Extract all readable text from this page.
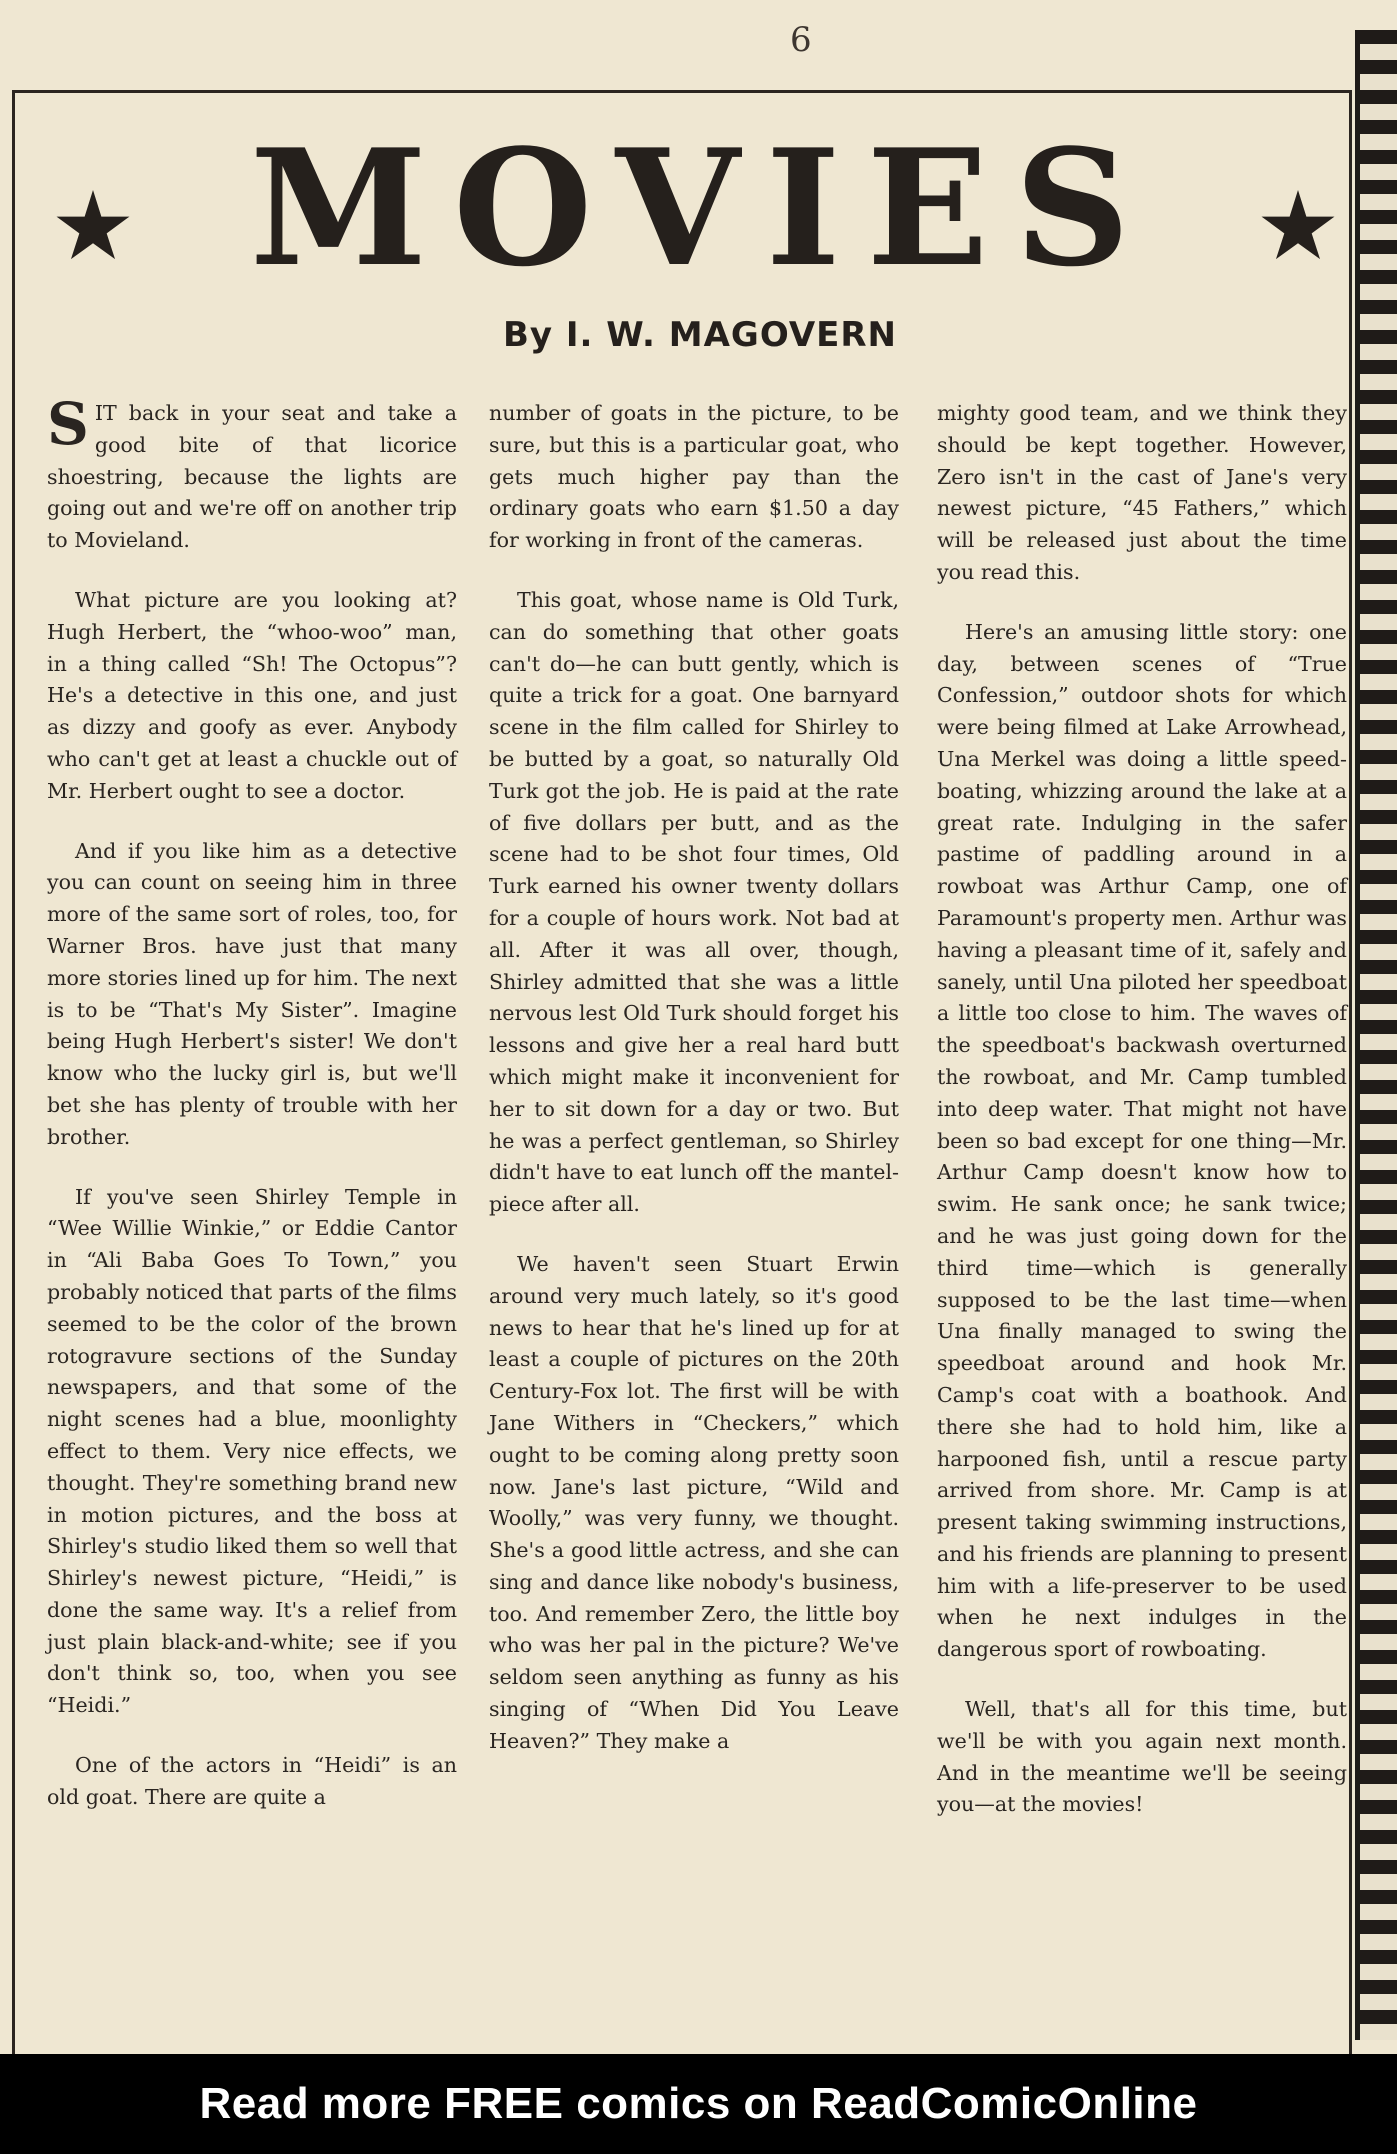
6
MOVIES
By I. W. MAGOVERN

SIT back in your seat and take a good bite of that licorice shoestring, because the lights are going out and we're off on another trip to Movieland.

What picture are you looking at? Hugh Herbert, the “whoo-woo” man, in a thing called “Sh! The Octopus”? He's a detective in this one, and just as dizzy and goofy as ever. Anybody who can't get at least a chuckle out of Mr. Herbert ought to see a doctor.

And if you like him as a detective you can count on seeing him in three more of the same sort of roles, too, for Warner Bros. have just that many more stories lined up for him. The next is to be “That's My Sister”. Imagine being Hugh Herbert's sister! We don't know who the lucky girl is, but we'll bet she has plenty of trouble with her brother.

If you've seen Shirley Temple in “Wee Willie Winkie,” or Eddie Cantor in “Ali Baba Goes To Town,” you probably noticed that parts of the films seemed to be the color of the brown rotogravure sections of the Sunday newspapers, and that some of the night scenes had a blue, moonlighty effect to them. Very nice effects, we thought. They're something brand new in motion pictures, and the boss at Shirley's studio liked them so well that Shirley's newest picture, “Heidi,” is done the same way. It's a relief from just plain black-and-white; see if you don't think so, too, when you see “Heidi.”

One of the actors in “Heidi” is an old goat. There are quite a

number of goats in the picture, to be sure, but this is a particular goat, who gets much higher pay than the ordinary goats who earn $1.50 a day for working in front of the cameras.

This goat, whose name is Old Turk, can do something that other goats can't do—he can butt gently, which is quite a trick for a goat. One barnyard scene in the film called for Shirley to be butted by a goat, so naturally Old Turk got the job. He is paid at the rate of five dollars per butt, and as the scene had to be shot four times, Old Turk earned his owner twenty dollars for a couple of hours work. Not bad at all. After it was all over, though, Shirley admitted that she was a little nervous lest Old Turk should forget his lessons and give her a real hard butt which might make it inconvenient for her to sit down for a day or two. But he was a perfect gentleman, so Shirley didn't have to eat lunch off the mantel-piece after all.

We haven't seen Stuart Erwin around very much lately, so it's good news to hear that he's lined up for at least a couple of pictures on the 20th Century-Fox lot. The first will be with Jane Withers in “Checkers,” which ought to be coming along pretty soon now. Jane's last picture, “Wild and Woolly,” was very funny, we thought. She's a good little actress, and she can sing and dance like nobody's business, too. And remember Zero, the little boy who was her pal in the picture? We've seldom seen anything as funny as his singing of “When Did You Leave Heaven?” They make a

mighty good team, and we think they should be kept together. However, Zero isn't in the cast of Jane's very newest picture, “45 Fathers,” which will be released just about the time you read this.

Here's an amusing little story: one day, between scenes of “True Confession,” outdoor shots for which were being filmed at Lake Arrowhead, Una Merkel was doing a little speed-boating, whizzing around the lake at a great rate. Indulging in the safer pastime of paddling around in a rowboat was Arthur Camp, one of Paramount's property men. Arthur was having a pleasant time of it, safely and sanely, until Una piloted her speedboat a little too close to him. The waves of the speedboat's backwash overturned the rowboat, and Mr. Camp tumbled into deep water. That might not have been so bad except for one thing—Mr. Arthur Camp doesn't know how to swim. He sank once; he sank twice; and he was just going down for the third time—which is generally supposed to be the last time—when Una finally managed to swing the speedboat around and hook Mr. Camp's coat with a boathook. And there she had to hold him, like a harpooned fish, until a rescue party arrived from shore. Mr. Camp is at present taking swimming instructions, and his friends are planning to present him with a life-preserver to be used when he next indulges in the dangerous sport of rowboating.

Well, that's all for this time, but we'll be with you again next month. And in the meantime we'll be seeing you—at the movies!

Read more FREE comics on ReadComicOnline
